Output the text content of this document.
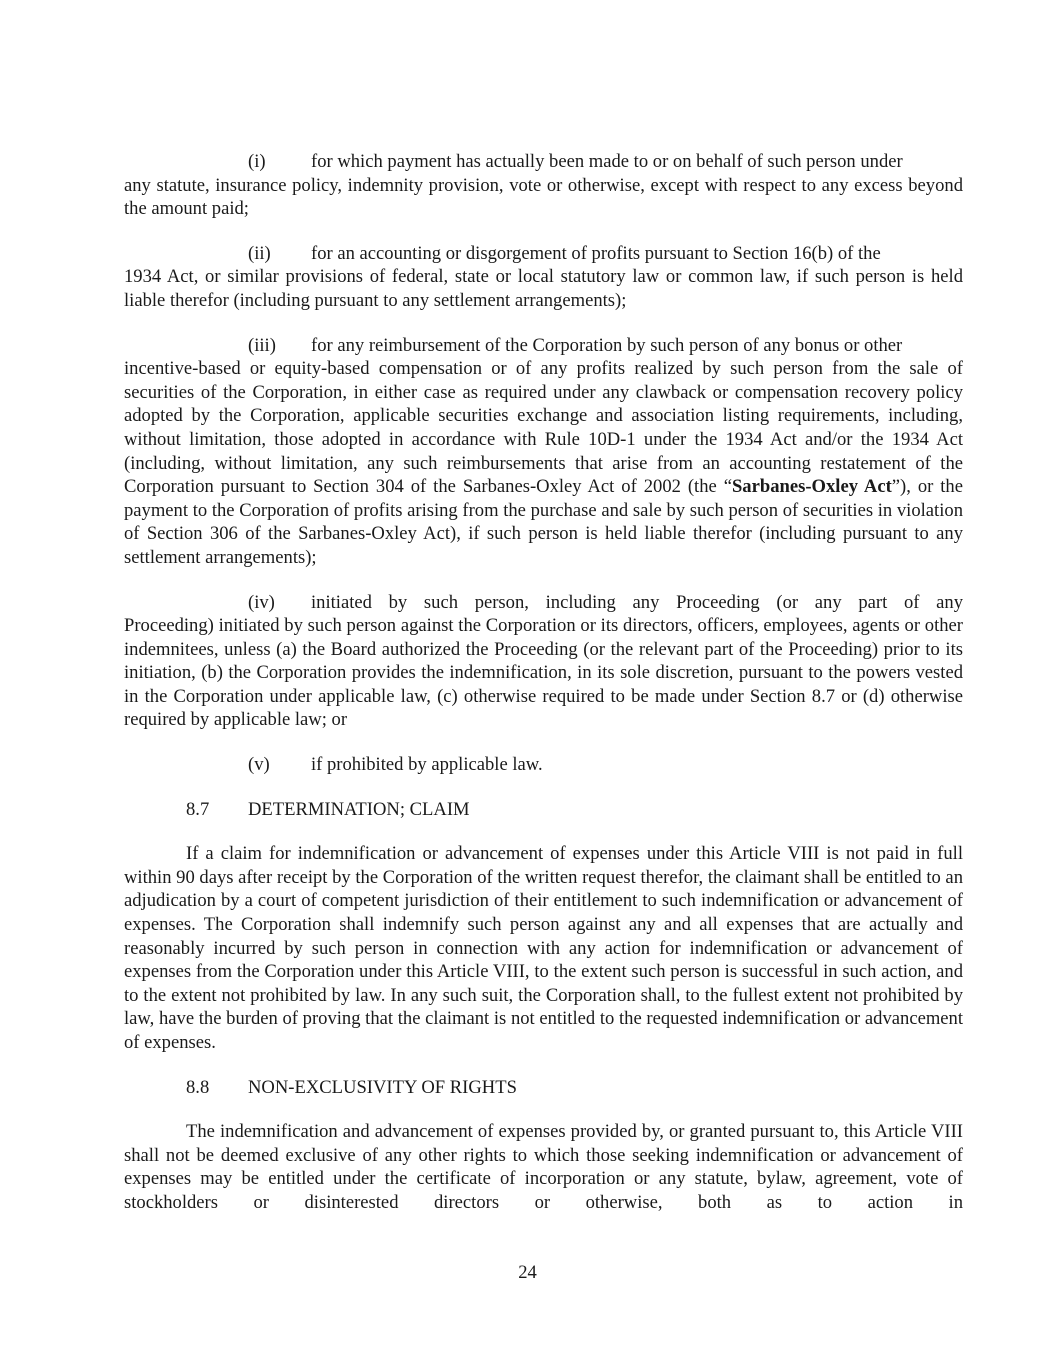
(i) for which payment has actually been made to or on behalf of such person under
any statute, insurance policy, indemnity provision, vote or otherwise, except with respect to any excess beyond the amount paid;
(ii) for an accounting or disgorgement of profits pursuant to Section 16(b) of the
1934 Act, or similar provisions of federal, state or local statutory law or common law, if such person is held liable therefor (including pursuant to any settlement arrangements);
(iii) for any reimbursement of the Corporation by such person of any bonus or other
incentive-based or equity-based compensation or of any profits realized by such person from the sale of securities of the Corporation, in either case as required under any clawback or compensation recovery policy adopted by the Corporation, applicable securities exchange and association listing requirements, including, without limitation, those adopted in accordance with Rule 10D-1 under the 1934 Act and/or the 1934 Act (including, without limitation, any such reimbursements that arise from an accounting restatement of the Corporation pursuant to Section 304 of the Sarbanes-Oxley Act of 2002 (the “Sarbanes-Oxley Act”), or the payment to the Corporation of profits arising from the purchase and sale by such person of securities in violation of Section 306 of the Sarbanes-Oxley Act), if such person is held liable therefor (including pursuant to any settlement arrangements);
(iv) initiated by such person, including any Proceeding (or any part of any
Proceeding) initiated by such person against the Corporation or its directors, officers, employees, agents or other indemnitees, unless (a) the Board authorized the Proceeding (or the relevant part of the Proceeding) prior to its initiation, (b) the Corporation provides the indemnification, in its sole discretion, pursuant to the powers vested in the Corporation under applicable law, (c) otherwise required to be made under Section 8.7 or (d) otherwise required by applicable law; or
(v) if prohibited by applicable law.
8.7 DETERMINATION; CLAIM

If a claim for indemnification or advancement of expenses under this Article VIII is not paid in full within 90 days after receipt by the Corporation of the written request therefor, the claimant shall be entitled to an adjudication by a court of competent jurisdiction of their entitlement to such indemnification or advancement of expenses. The Corporation shall indemnify such person against any and all expenses that are actually and reasonably incurred by such person in connection with any action for indemnification or advancement of expenses from the Corporation under this Article VIII, to the extent such person is successful in such action, and to the extent not prohibited by law. In any such suit, the Corporation shall, to the fullest extent not prohibited by law, have the burden of proving that the claimant is not entitled to the requested indemnification or advancement of expenses.

8.8 NON-EXCLUSIVITY OF RIGHTS

The indemnification and advancement of expenses provided by, or granted pursuant to, this Article VIII shall not be deemed exclusive of any other rights to which those seeking indemnification or advancement of expenses may be entitled under the certificate of incorporation or any statute, bylaw, agreement, vote of stockholders or disinterested directors or otherwise, both as to action in

24
